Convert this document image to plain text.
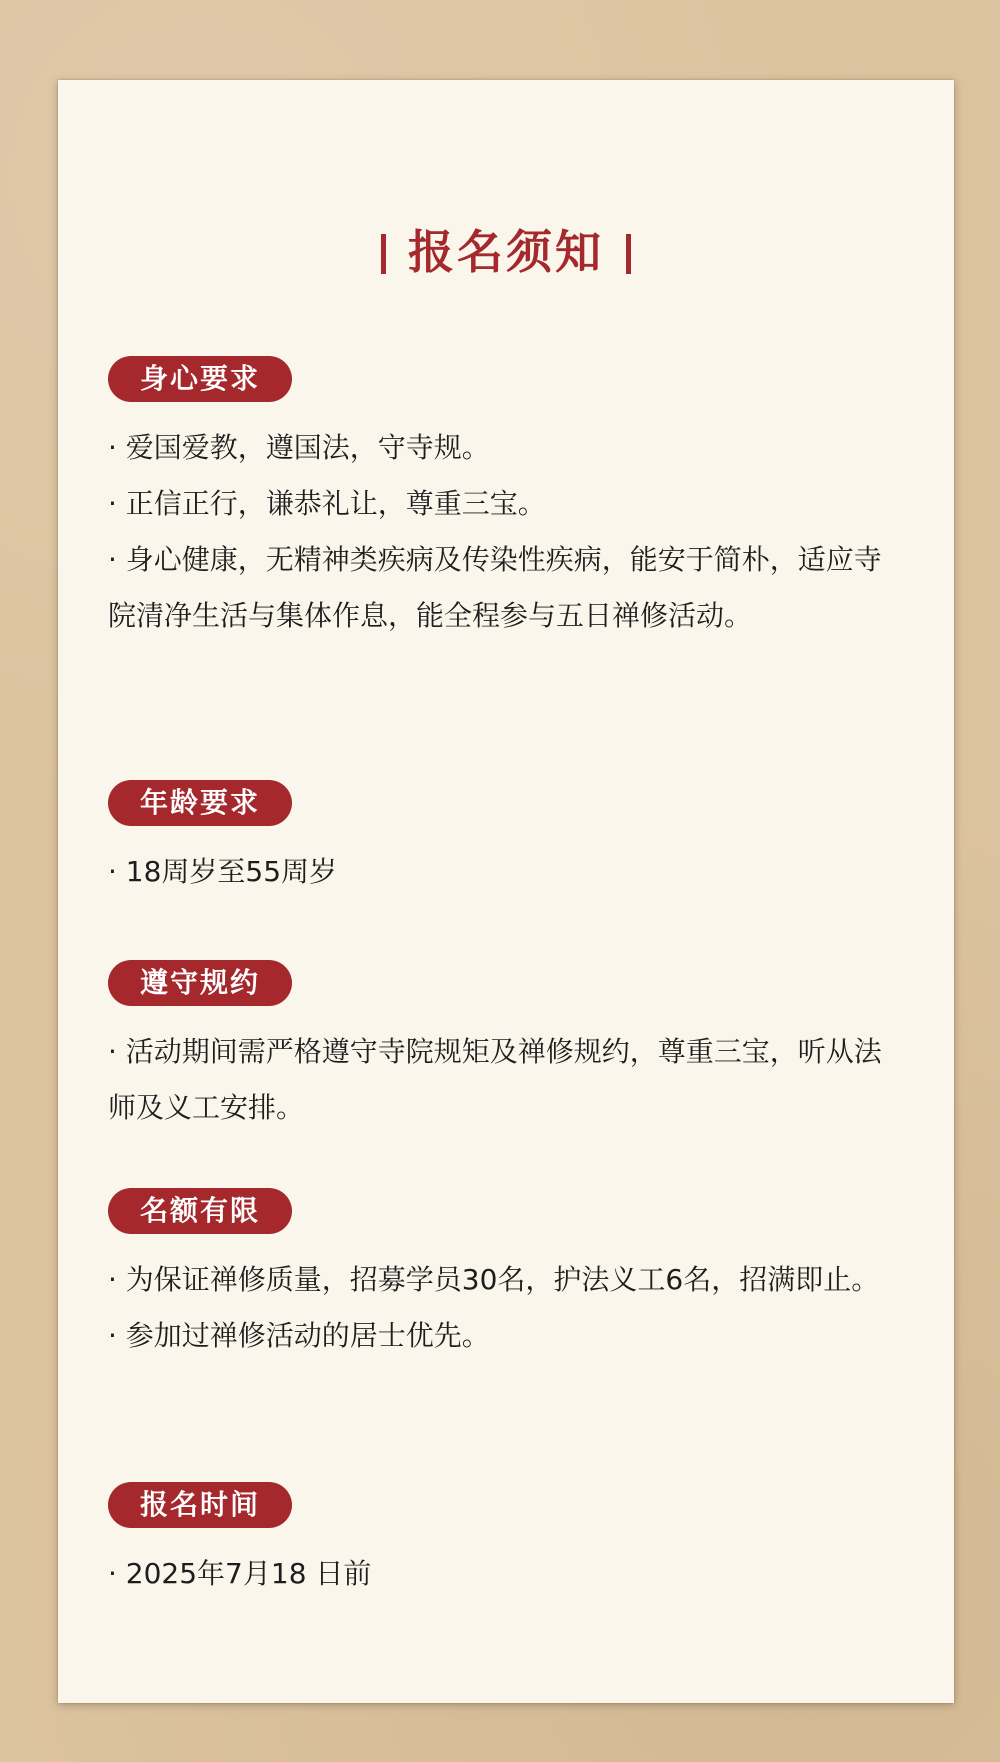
报名须知
身心要求
· 爱国爱教，遵国法，守寺规。
· 正信正行，谦恭礼让，尊重三宝。
· 身心健康，无精神类疾病及传染性疾病，能安于简朴，适应寺院清净生活与集体作息，能全程参与五日禅修活动。
年龄要求
· 18周岁至55周岁
遵守规约
· 活动期间需严格遵守寺院规矩及禅修规约，尊重三宝，听从法师及义工安排。
名额有限
· 为保证禅修质量，招募学员30名，护法义工6名，招满即止。
· 参加过禅修活动的居士优先。
报名时间
· 2025年7月18 日前
